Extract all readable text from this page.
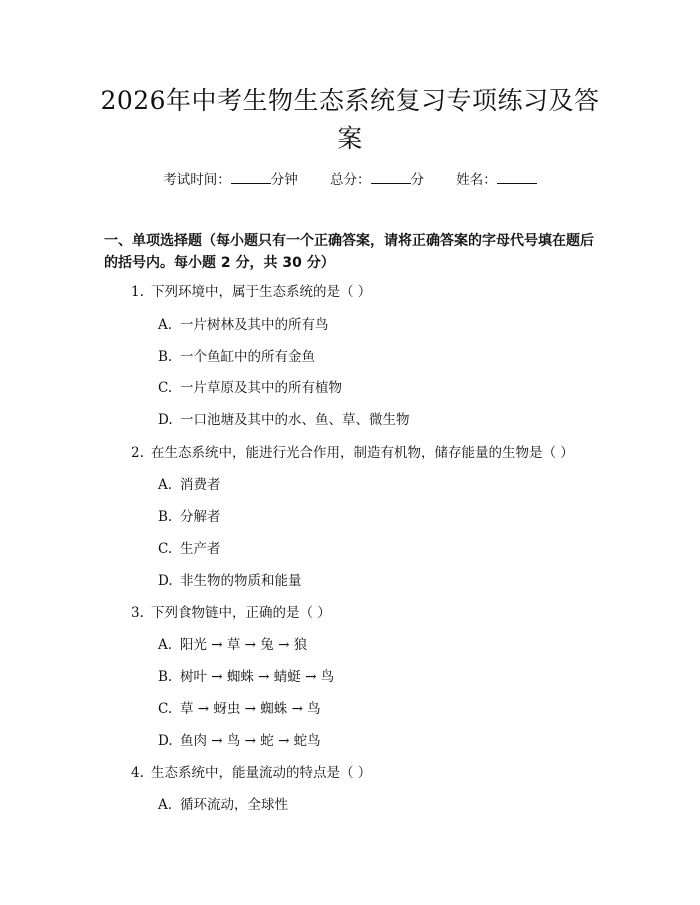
2026年中考生物生态系统复习专项练习及答案
考试时间：	分钟 总分：	分 姓名：
一、单项选择题（每小题只有一个正确答案，请将正确答案的字母代号填在题后的括号内。每小题 2 分，共 30 分）
1. 下列环境中，属于生态系统的是（ ）
A. 一片树林及其中的所有鸟
B. 一个鱼缸中的所有金鱼
C. 一片草原及其中的所有植物
D. 一口池塘及其中的水、鱼、草、微生物
2. 在生态系统中，能进行光合作用，制造有机物，储存能量的生物是（ ）
A. 消费者
B. 分解者
C. 生产者
D. 非生物的物质和能量
3. 下列食物链中，正确的是（ ）
A. 阳光 → 草 → 兔 → 狼
B. 树叶 → 蜘蛛 → 蜻蜓 → 鸟
C. 草 → 蚜虫 → 蜘蛛 → 鸟
D. 鱼肉 → 鸟 → 蛇 → 蛇鸟
4. 生态系统中，能量流动的特点是（ ）
A. 循环流动，全球性
